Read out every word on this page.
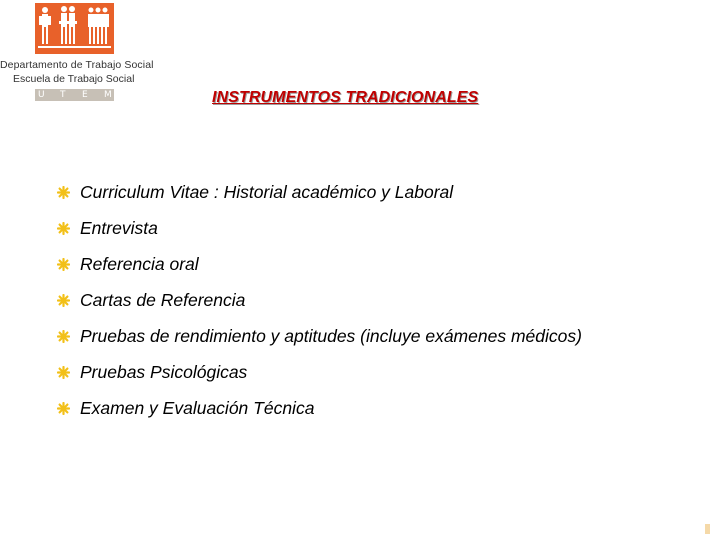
Departamento de Trabajo Social
Escuela de Trabajo Social
U T E M	INSTRUMENTOS TRADICIONALES
Curriculum Vitae : Historial académico y Laboral
Entrevista
Referencia oral
Cartas de Referencia
Pruebas de rendimiento y aptitudes (incluye exámenes médicos)
Pruebas Psicológicas
Examen y Evaluación Técnica
